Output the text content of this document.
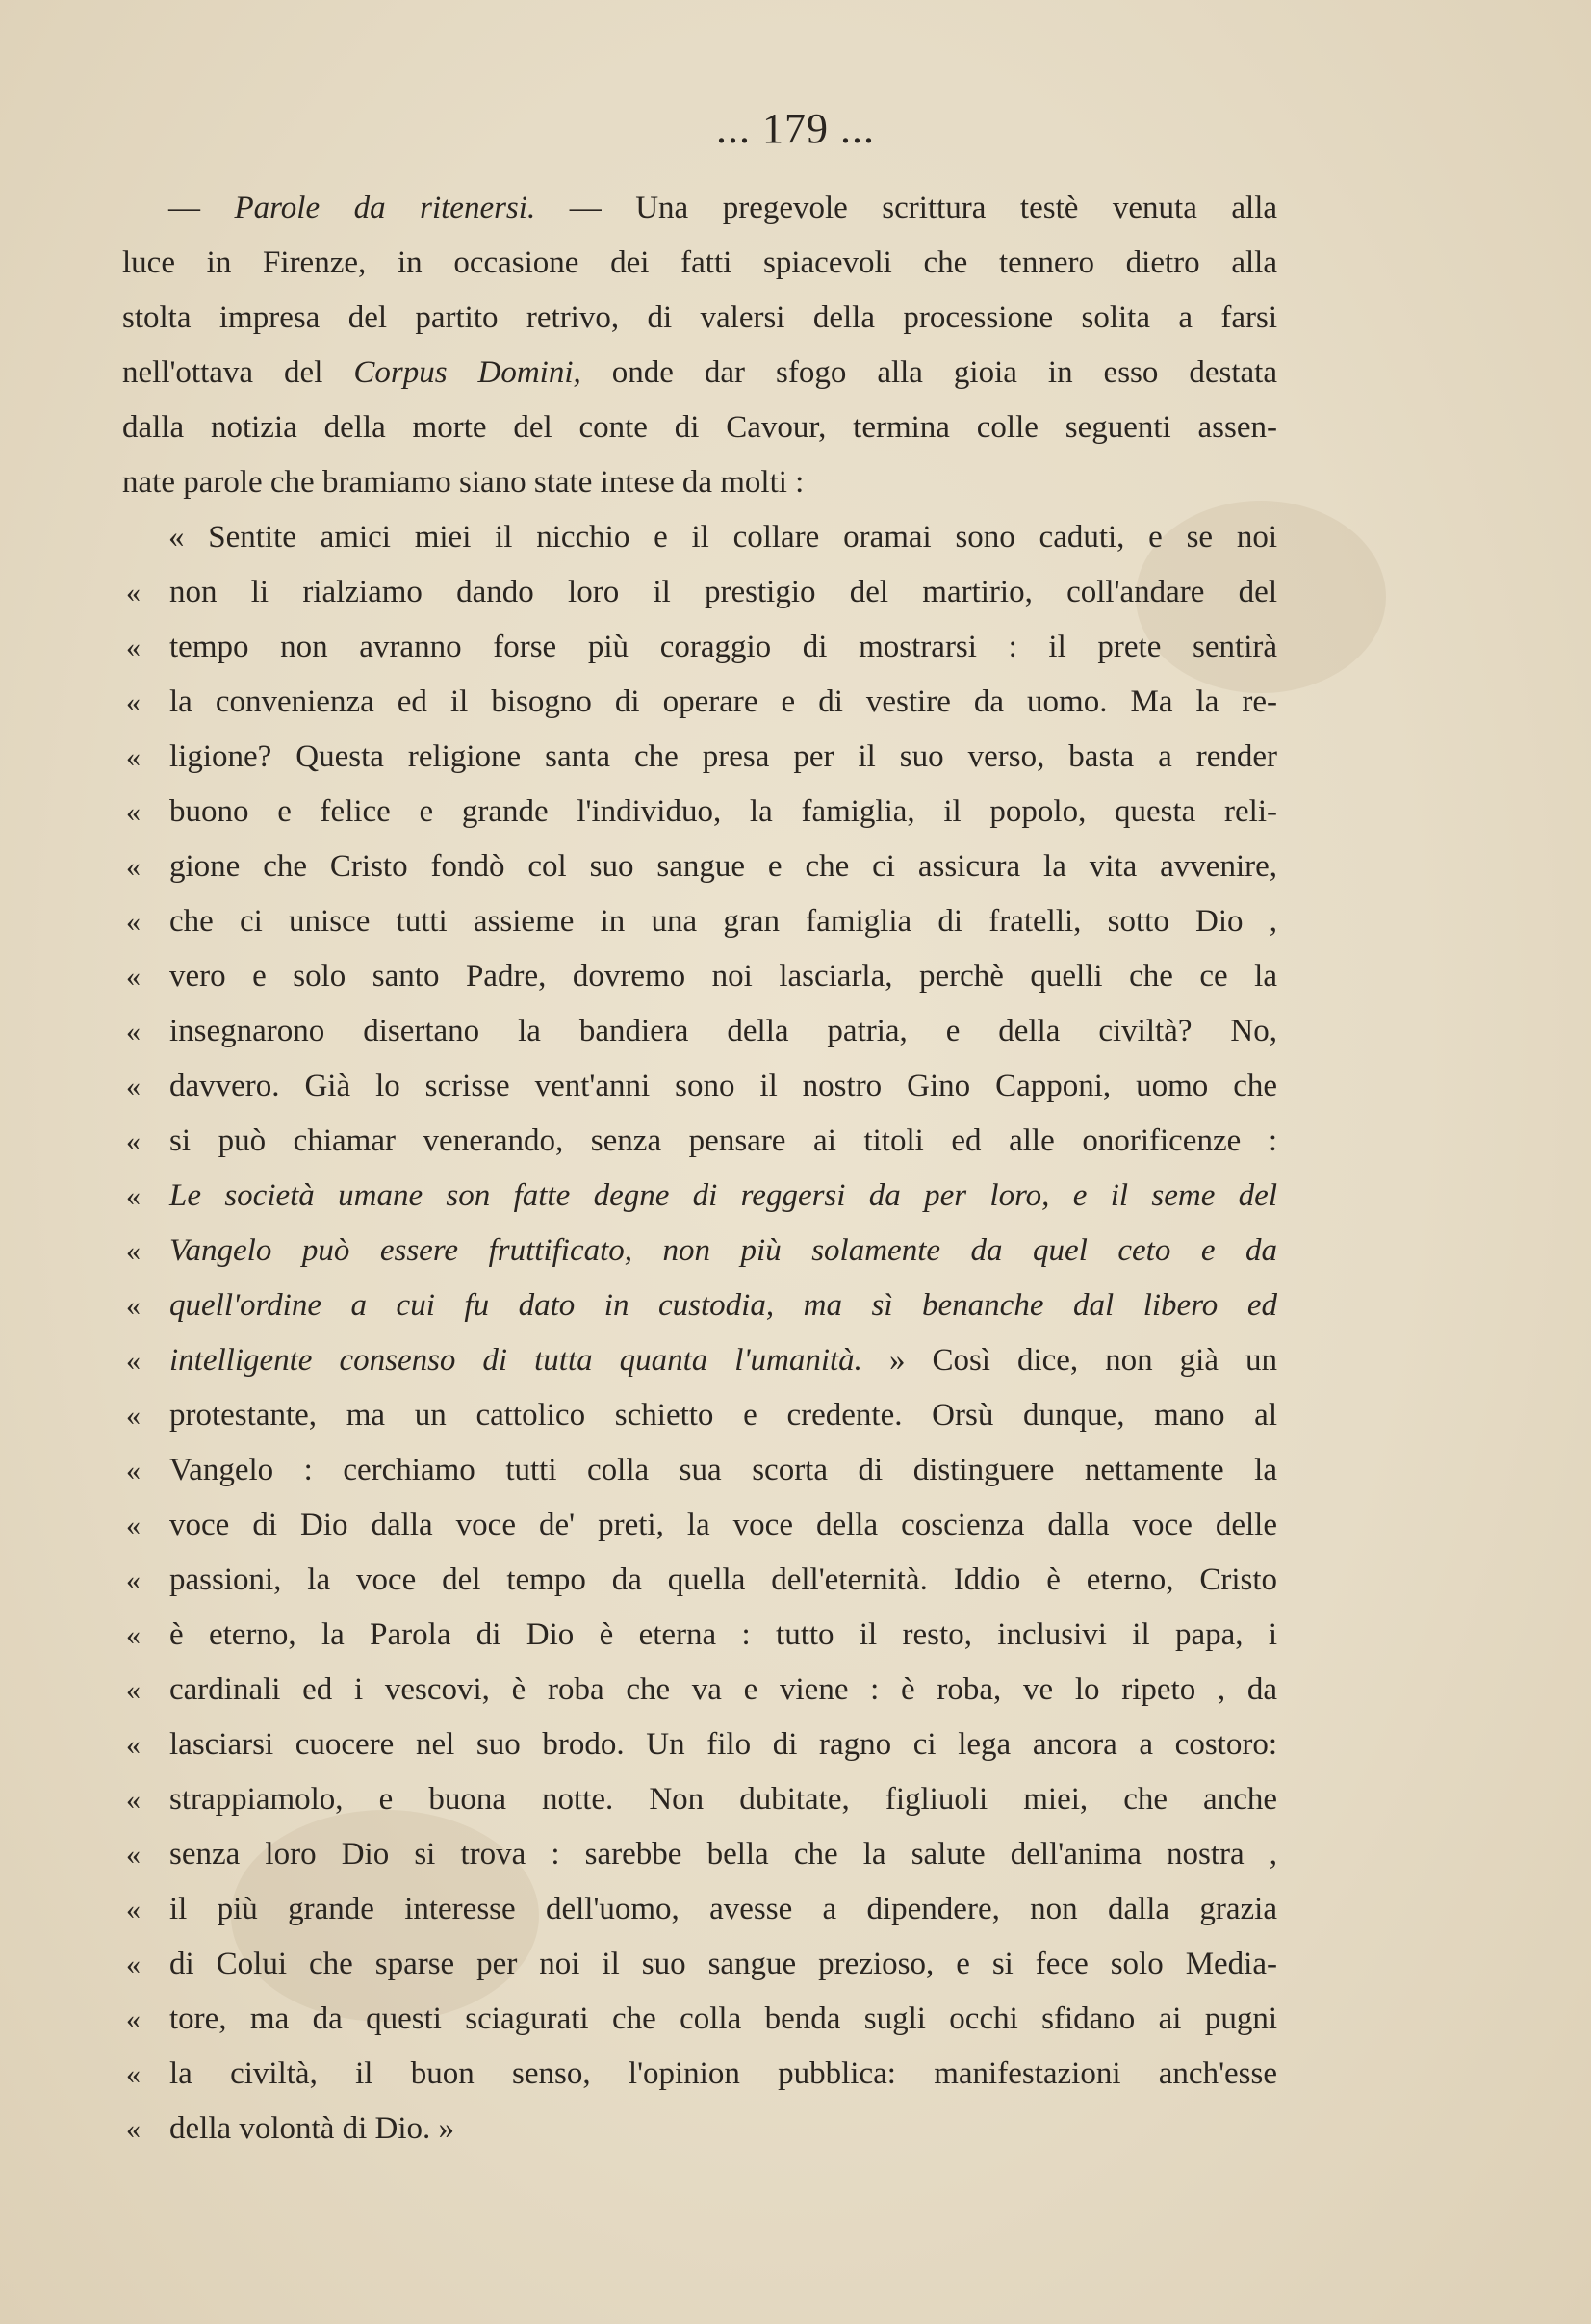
... 179 ...
— Parole da ritenersi. — Una pregevole scrittura testè venuta alla
luce in Firenze, in occasione dei fatti spiacevoli che tennero dietro alla
stolta impresa del partito retrivo, di valersi della processione solita a farsi
nell'ottava del Corpus Domini, onde dar sfogo alla gioia in esso destata
dalla notizia della morte del conte di Cavour, termina colle seguenti assen-
nate parole che bramiamo siano state intese da molti :
« Sentite amici miei il nicchio e il collare oramai sono caduti, e se noi
« non li rialziamo dando loro il prestigio del martirio, coll'andare del
« tempo non avranno forse più coraggio di mostrarsi : il prete sentirà
« la convenienza ed il bisogno di operare e di vestire da uomo. Ma la re-
« ligione? Questa religione santa che presa per il suo verso, basta a render
« buono e felice e grande l'individuo, la famiglia, il popolo, questa reli-
« gione che Cristo fondò col suo sangue e che ci assicura la vita avvenire,
« che ci unisce tutti assieme in una gran famiglia di fratelli, sotto Dio ,
« vero e solo santo Padre, dovremo noi lasciarla, perchè quelli che ce la
« insegnarono disertano la bandiera della patria, e della civiltà? No,
« davvero. Già lo scrisse vent'anni sono il nostro Gino Capponi, uomo che
« si può chiamar venerando, senza pensare ai titoli ed alle onorificenze :
« Le società umane son fatte degne di reggersi da per loro, e il seme del
« Vangelo può essere fruttificato, non più solamente da quel ceto e da
« quell'ordine a cui fu dato in custodia, ma sì benanche dal libero ed
« intelligente consenso di tutta quanta l'umanità. » Così dice, non già un
« protestante, ma un cattolico schietto e credente. Orsù dunque, mano al
« Vangelo : cerchiamo tutti colla sua scorta di distinguere nettamente la
« voce di Dio dalla voce de' preti, la voce della coscienza dalla voce delle
« passioni, la voce del tempo da quella dell'eternità. Iddio è eterno, Cristo
« è eterno, la Parola di Dio è eterna : tutto il resto, inclusivi il papa, i
« cardinali ed i vescovi, è roba che va e viene : è roba, ve lo ripeto , da
« lasciarsi cuocere nel suo brodo. Un filo di ragno ci lega ancora a costoro:
« strappiamolo, e buona notte. Non dubitate, figliuoli miei, che anche
« senza loro Dio si trova : sarebbe bella che la salute dell'anima nostra ,
« il più grande interesse dell'uomo, avesse a dipendere, non dalla grazia
« di Colui che sparse per noi il suo sangue prezioso, e si fece solo Media-
« tore, ma da questi sciagurati che colla benda sugli occhi sfidano ai pugni
« la civiltà, il buon senso, l'opinion pubblica: manifestazioni anch'esse
« della volontà di Dio. »
